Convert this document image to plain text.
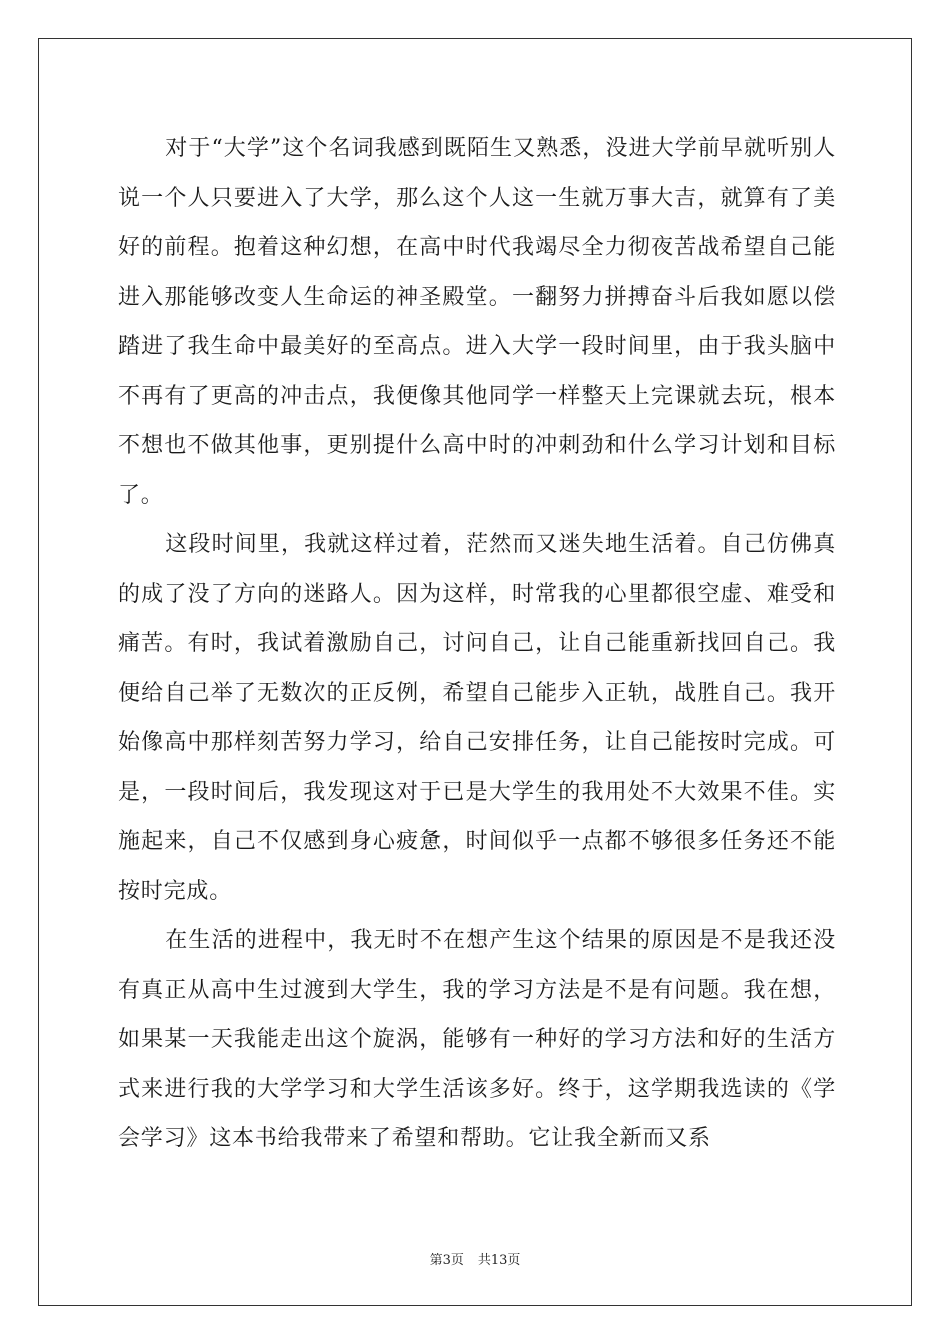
对于“大学”这个名词我感到既陌生又熟悉，没进大学前早就听别人说一个人只要进入了大学，那么这个人这一生就万事大吉，就算有了美好的前程。抱着这种幻想，在高中时代我竭尽全力彻夜苦战希望自己能进入那能够改变人生命运的神圣殿堂。一翻努力拼搏奋斗后我如愿以偿踏进了我生命中最美好的至高点。进入大学一段时间里，由于我头脑中不再有了更高的冲击点，我便像其他同学一样整天上完课就去玩，根本不想也不做其他事，更别提什么高中时的冲刺劲和什么学习计划和目标了。

这段时间里，我就这样过着，茫然而又迷失地生活着。自己仿佛真的成了没了方向的迷路人。因为这样，时常我的心里都很空虚、难受和痛苦。有时，我试着激励自己，讨问自己，让自己能重新找回自己。我便给自己举了无数次的正反例，希望自己能步入正轨，战胜自己。我开始像高中那样刻苦努力学习，给自己安排任务，让自己能按时完成。可是，一段时间后，我发现这对于已是大学生的我用处不大效果不佳。实施起来，自己不仅感到身心疲惫，时间似乎一点都不够很多任务还不能按时完成。

在生活的进程中，我无时不在想产生这个结果的原因是不是我还没有真正从高中生过渡到大学生，我的学习方法是不是有问题。我在想，如果某一天我能走出这个旋涡，能够有一种好的学习方法和好的生活方式来进行我的大学学习和大学生活该多好。终于，这学期我选读的《学会学习》这本书给我带来了希望和帮助。它让我全新而又系

第3页 共13页
